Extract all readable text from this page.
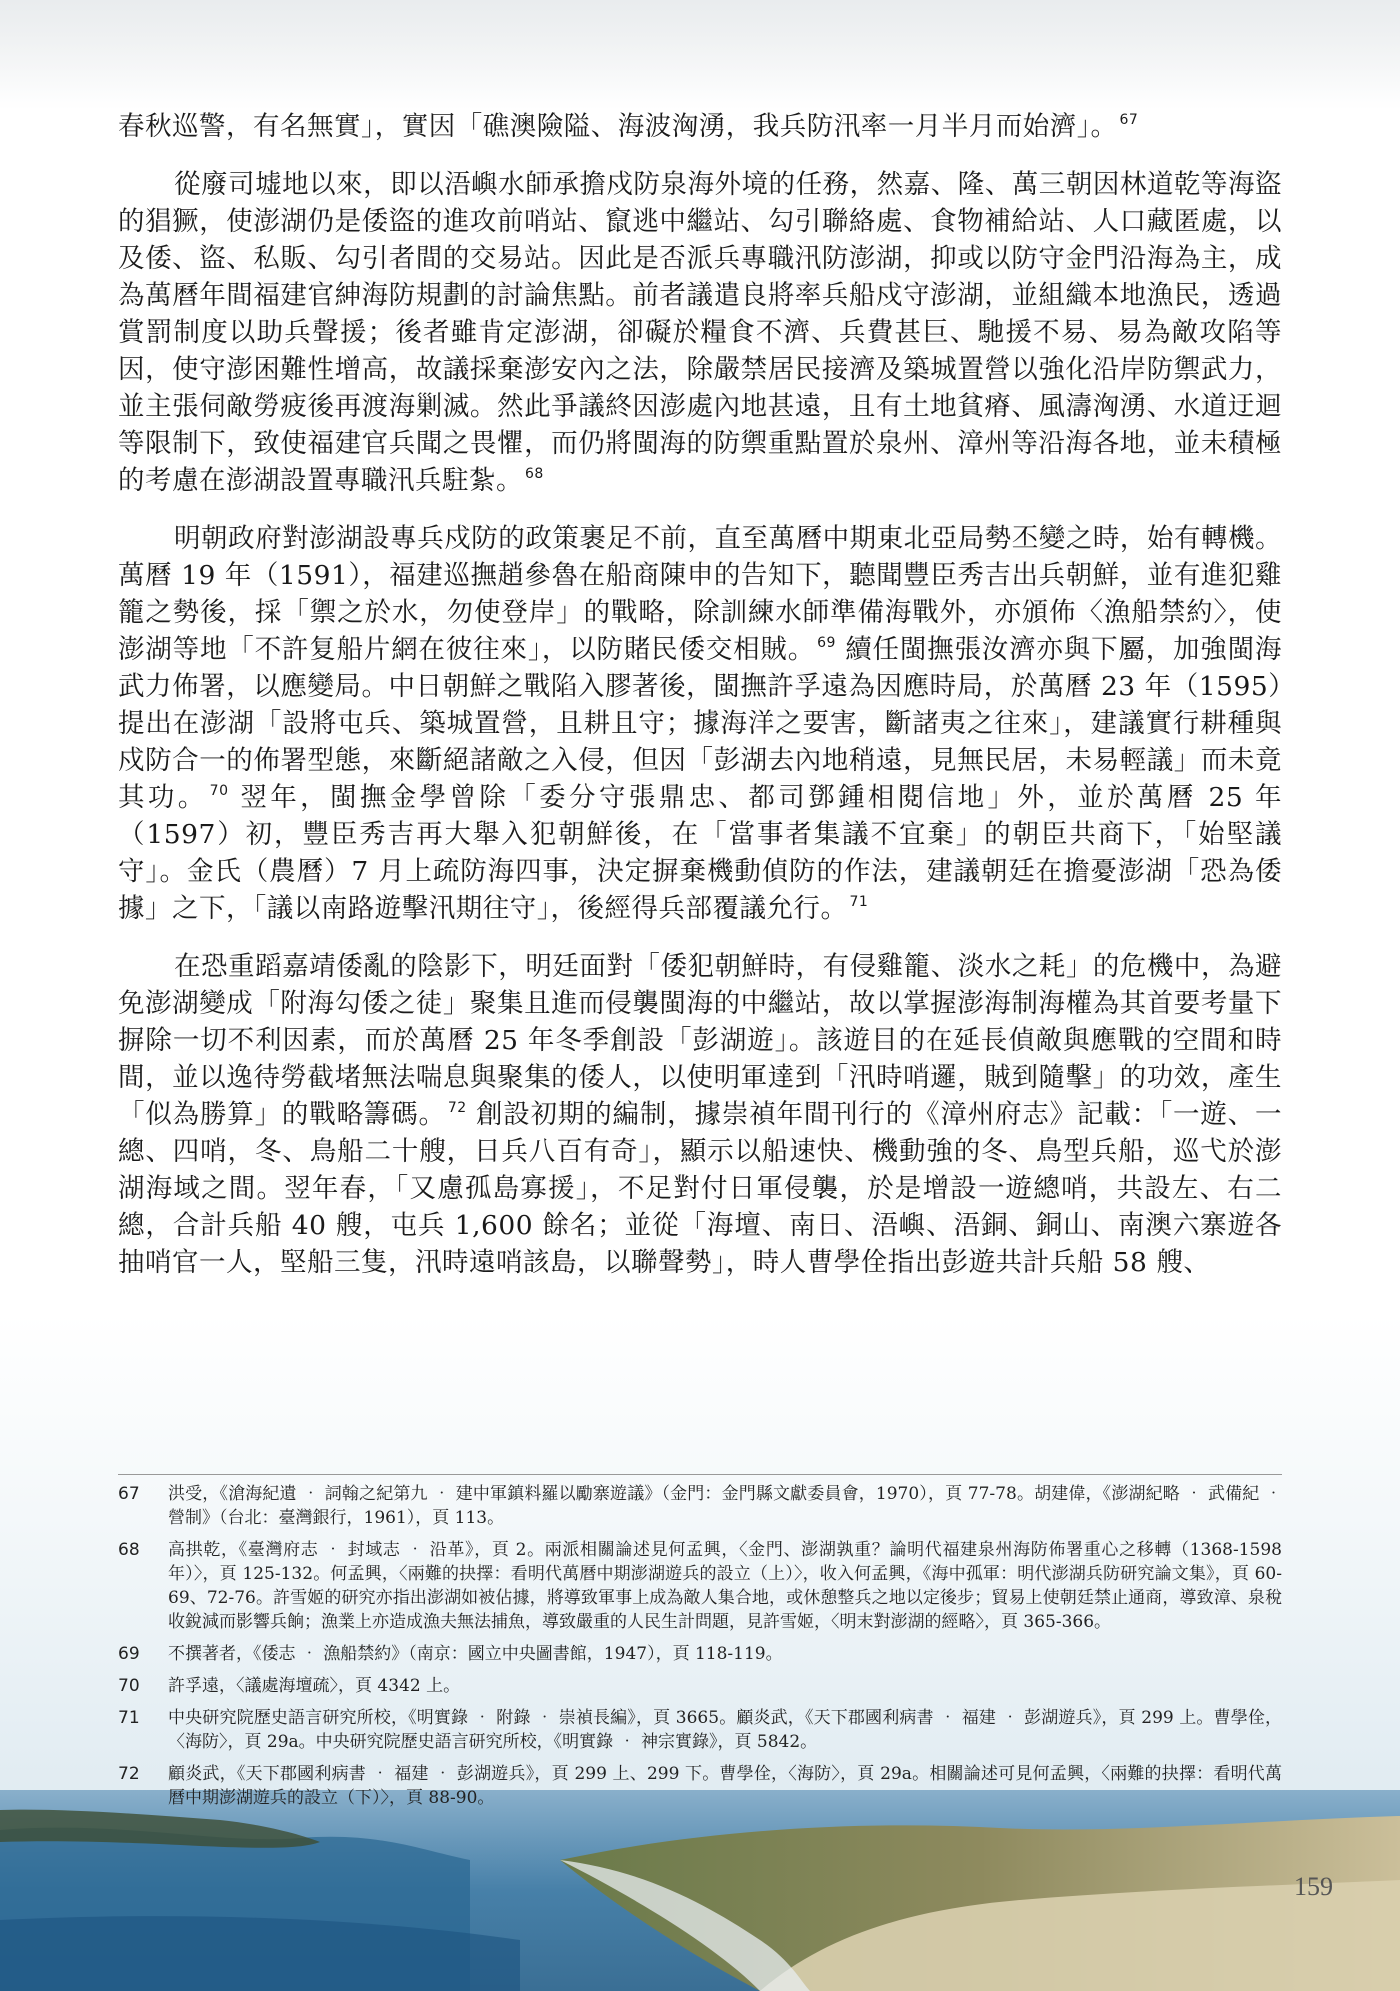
春秋巡警，有名無實」，實因「礁澳險隘、海波洶湧，我兵防汛率一月半月而始濟」。 $^{67}$

從廢司墟地以來，即以浯嶼水師承擔戍防泉海外境的任務，然嘉、隆、萬三朝因林道乾等海盜的猖獗，使澎湖仍是倭盜的進攻前哨站、竄逃中繼站、勾引聯絡處、食物補給站、人口藏匿處，以及倭、盜、私販、勾引者間的交易站。因此是否派兵專職汛防澎湖，抑或以防守金門沿海為主，成為萬曆年間福建官紳海防規劃的討論焦點。前者議遣良將率兵船戍守澎湖，並組織本地漁民，透過賞罰制度以助兵聲援；後者雖肯定澎湖，卻礙於糧食不濟、兵費甚巨、馳援不易、易為敵攻陷等因，使守澎困難性增高，故議採棄澎安內之法，除嚴禁居民接濟及築城置營以強化沿岸防禦武力，並主張伺敵勞疲後再渡海剿滅。然此爭議終因澎處內地甚遠，且有土地貧瘠、風濤洶湧、水道迂迴等限制下，致使福建官兵聞之畏懼，而仍將閩海的防禦重點置於泉州、漳州等沿海各地，並未積極的考慮在澎湖設置專職汛兵駐紮。 $^{68}$

明朝政府對澎湖設專兵戍防的政策裹足不前，直至萬曆中期東北亞局勢丕變之時，始有轉機。萬曆 19 年（1591），福建巡撫趙參魯在船商陳申的告知下，聽聞豐臣秀吉出兵朝鮮，並有進犯雞籠之勢後，採「禦之於水，勿使登岸」的戰略，除訓練水師準備海戰外，亦頒佈〈漁船禁約〉，使澎湖等地「不許复船片網在彼往來」，以防賭民倭交相賊。 $^{69}$ 續任閩撫張汝濟亦與下屬，加強閩海武力佈署，以應變局。中日朝鮮之戰陷入膠著後，閩撫許孚遠為因應時局，於萬曆 23 年（1595）提出在澎湖「設將屯兵、築城置營，且耕且守；據海洋之要害，斷諸夷之往來」，建議實行耕種與戍防合一的佈署型態，來斷絕諸敵之入侵，但因「彭湖去內地稍遠，見無民居，未易輕議」而未竟其功。 $^{70}$ 翌年，閩撫金學曾除「委分守張鼎忠、都司鄧鍾相閱信地」外，並於萬曆 25 年（1597）初，豐臣秀吉再大舉入犯朝鮮後，在「當事者集議不宜棄」的朝臣共商下，「始堅議守」。金氏（農曆）7 月上疏防海四事，決定摒棄機動偵防的作法，建議朝廷在擔憂澎湖「恐為倭據」之下，「議以南路遊擊汛期往守」，後經得兵部覆議允行。 $^{71}$

在恐重蹈嘉靖倭亂的陰影下，明廷面對「倭犯朝鮮時，有侵雞籠、淡水之耗」的危機中，為避免澎湖變成「附海勾倭之徒」聚集且進而侵襲閩海的中繼站，故以掌握澎海制海權為其首要考量下摒除一切不利因素，而於萬曆 25 年冬季創設「彭湖遊」。該遊目的在延長偵敵與應戰的空間和時間，並以逸待勞截堵無法喘息與聚集的倭人，以使明軍達到「汛時哨邏，賊到隨擊」的功效，產生「似為勝算」的戰略籌碼。 $^{72}$ 創設初期的編制，據崇禎年間刊行的《漳州府志》記載：「一遊、一總、四哨，冬、鳥船二十艘，日兵八百有奇」，顯示以船速快、機動強的冬、鳥型兵船，巡弋於澎湖海域之間。翌年春，「又慮孤島寡援」，不足對付日軍侵襲，於是增設一遊總哨，共設左、右二總，合計兵船 40 艘，屯兵 1,600 餘名；並從「海壇、南日、浯嶼、浯銅、銅山、南澳六寨遊各抽哨官一人，堅船三隻，汛時遠哨該島，以聯聲勢」，時人曹學佺指出彭遊共計兵船 58 艘、

67 洪受，《滄海紀遺 ‧ 詞翰之紀第九 ‧ 建中軍鎮料羅以勵寨遊議》（金門：金門縣文獻委員會，1970），頁 77-78。胡建偉，《澎湖紀略 ‧ 武備紀 ‧ 營制》（台北：臺灣銀行，1961），頁 113。
68 高拱乾，《臺灣府志 ‧ 封域志 ‧ 沿革》，頁 2。兩派相關論述見何孟興，〈金門、澎湖孰重？論明代福建泉州海防佈署重心之移轉（1368-1598 年）〉，頁 125-132。何孟興，〈兩難的抉擇：看明代萬曆中期澎湖遊兵的設立（上）〉，收入何孟興，《海中孤軍：明代澎湖兵防研究論文集》，頁 60-69、72-76。許雪姬的研究亦指出澎湖如被佔據，將導致軍事上成為敵人集合地，或休憩整兵之地以定後步；貿易上使朝廷禁止通商，導致漳、泉稅收銳減而影響兵餉；漁業上亦造成漁夫無法捕魚，導致嚴重的人民生計問題，見許雪姬，〈明末對澎湖的經略〉，頁 365-366。
69 不撰著者，《倭志 ‧ 漁船禁約》（南京：國立中央圖書館，1947），頁 118-119。
70 許孚遠，〈議處海壇疏〉，頁 4342 上。
71 中央研究院歷史語言研究所校，《明實錄 ‧ 附錄 ‧ 崇禎長編》，頁 3665。顧炎武，《天下郡國利病書 ‧ 福建 ‧ 彭湖遊兵》，頁 299 上。曹學佺，〈海防〉，頁 29a。中央研究院歷史語言研究所校，《明實錄 ‧ 神宗實錄》，頁 5842。
72 顧炎武，《天下郡國利病書 ‧ 福建 ‧ 彭湖遊兵》，頁 299 上、299 下。曹學佺，〈海防〉，頁 29a。相關論述可見何孟興，〈兩難的抉擇：看明代萬曆中期澎湖遊兵的設立（下）〉，頁 88-90。
159
